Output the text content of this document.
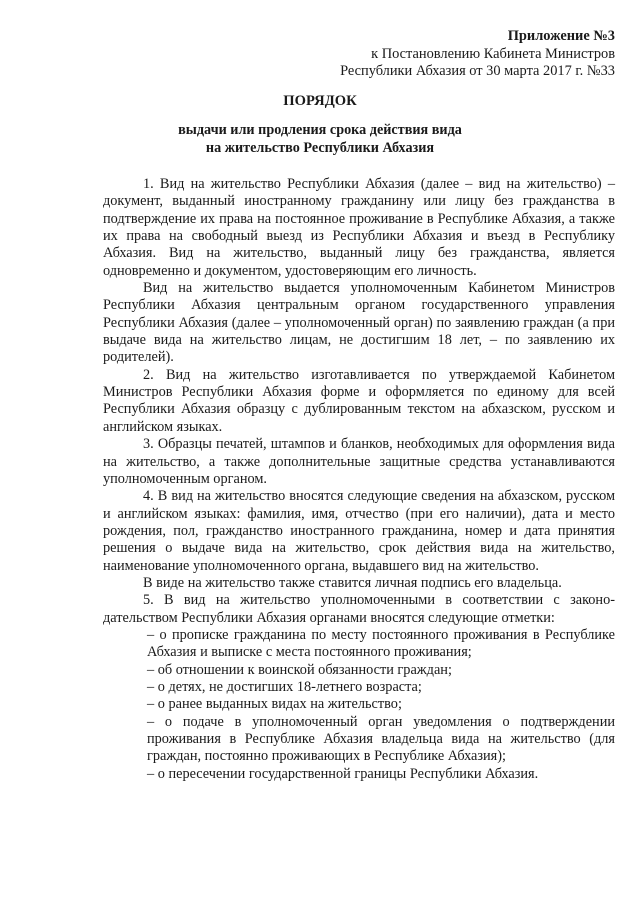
Приложение №3
к Постановлению Кабинета Министров
Республики Абхазия от 30 марта 2017 г. №33
ПОРЯДОК
выдачи или продления срока действия вида
на жительство Республики Абхазия

1. Вид на жительство Республики Абхазия (далее – вид на жительство) – документ, выданный иностранному гражданину или лицу без гражданства в подтверждение их права на постоянное проживание в Республике Абхазия, а также их права на свободный выезд из Республики Абхазия и въезд в Республику Абхазия. Вид на жительство, выданный лицу без гражданства, является одновременно и документом, удостоверяющим его личность.

Вид на жительство выдается уполномоченным Кабинетом Министров Республики Абхазия центральным органом государственного управления Республики Абхазия (далее – уполномоченный орган) по заявлению граждан (а при выдаче вида на жительство лицам, не достигшим 18 лет, – по заявлению их родителей).

2. Вид на жительство изготавливается по утверждаемой Кабинетом Министров Республики Абхазия форме и оформляется по единому для всей Республики Абхазия образцу с дублированным текстом на абхазском, русском и английском языках.

3. Образцы печатей, штампов и бланков, необходимых для оформления вида на жительство, а также дополнительные защитные средства устанавливаются уполномоченным органом.

4. В вид на жительство вносятся следующие сведения на абхазском, русском и английском языках: фамилия, имя, отчество (при его наличии), дата и место рождения, пол, гражданство иностранного гражданина, номер и дата принятия решения о выдаче вида на жительство, срок действия вида на жительство, наименование уполномоченного органа, выдавшего вид на жительство.

В виде на жительство также ставится личная подпись его владельца.

5. В вид на жительство уполномоченными в соответствии с законодательством Республики Абхазия органами вносятся следующие отметки:

– о прописке гражданина по месту постоянного проживания в Республике Абхазия и выписке с места постоянного проживания;
– об отношении к воинской обязанности граждан;
– о детях, не достигших 18-летнего возраста;
– о ранее выданных видах на жительство;
– о подаче в уполномоченный орган уведомления о подтверждении проживания в Республике Абхазия владельца вида на жительство (для граждан, постоянно проживающих в Республике Абхазия);
– о пересечении государственной границы Республики Абхазия.
